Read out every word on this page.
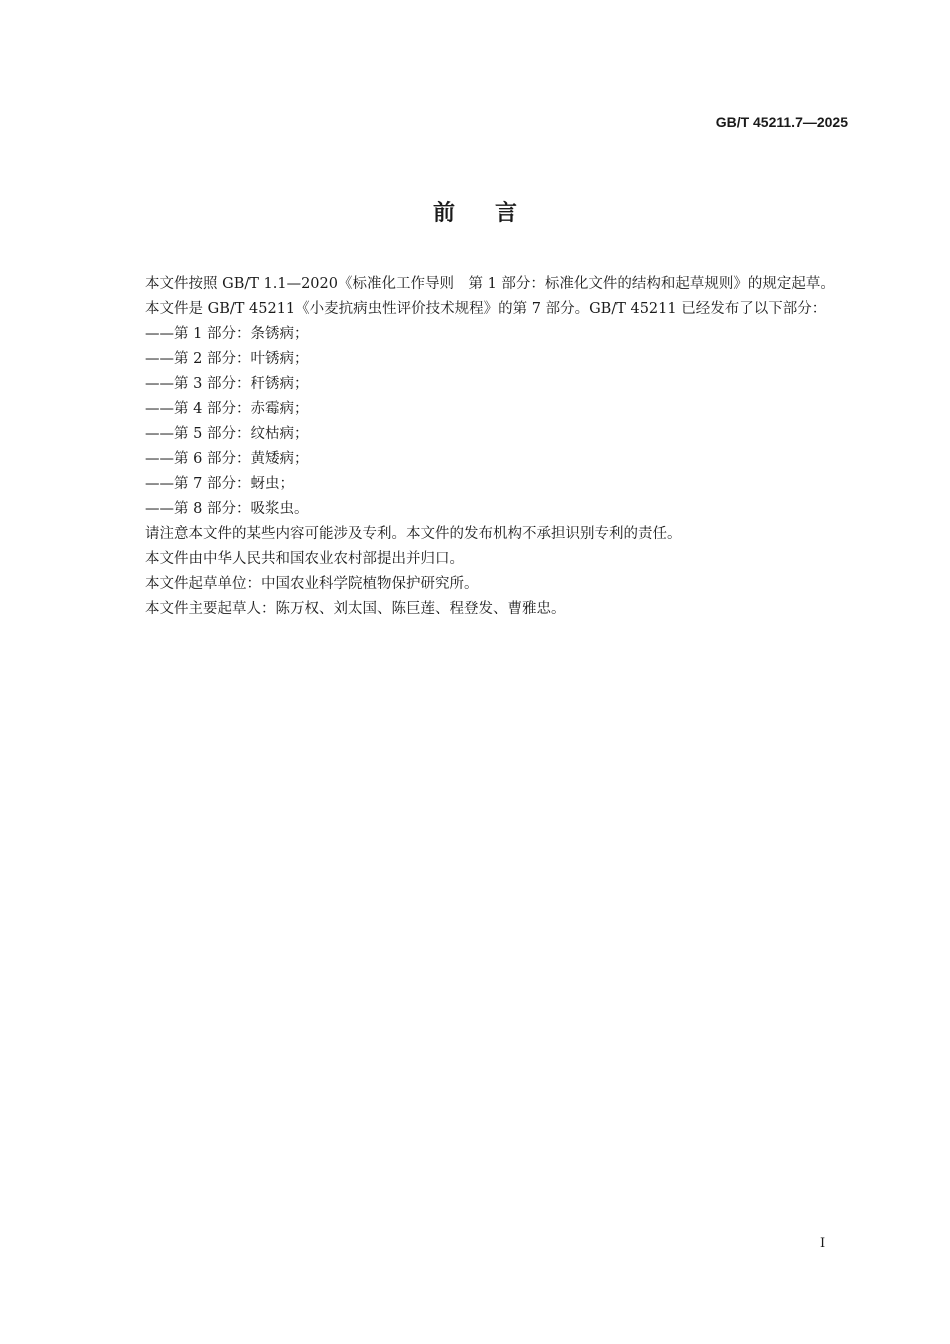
GB/T 45211.7—2025
前言

本文件按照 GB/T 1.1—2020《标准化工作导则　第 1 部分：标准化文件的结构和起草规则》的规定起草。

本文件是 GB/T 45211《小麦抗病虫性评价技术规程》的第 7 部分。GB/T 45211 已经发布了以下部分：

——第 1 部分：条锈病；

——第 2 部分：叶锈病；

——第 3 部分：秆锈病；

——第 4 部分：赤霉病；

——第 5 部分：纹枯病；

——第 6 部分：黄矮病；

——第 7 部分：蚜虫；

——第 8 部分：吸浆虫。

请注意本文件的某些内容可能涉及专利。本文件的发布机构不承担识别专利的责任。

本文件由中华人民共和国农业农村部提出并归口。

本文件起草单位：中国农业科学院植物保护研究所。

本文件主要起草人：陈万权、刘太国、陈巨莲、程登发、曹雅忠。

I
